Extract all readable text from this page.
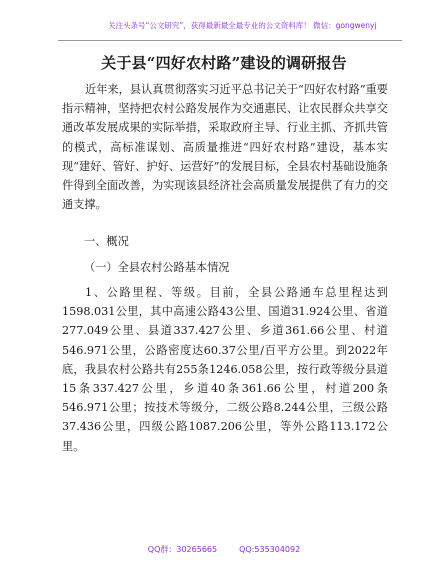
关注头条号“公文研究”，获得最新最全最专业的公文资料库！ 微信：gongwenyj
关于县“四好农村路”建设的调研报告

近年来，县认真贯彻落实习近平总书记关于“四好农村路”重要指示精神，坚持把农村公路发展作为交通惠民、让农民群众共享交通改革发展成果的实际举措，采取政府主导、行业主抓、齐抓共管的模式，高标准谋划、高质量推进“四好农村路”建设，基本实现“建好、管好、护好、运营好”的发展目标，全县农村基础设施条件得到全面改善，为实现该县经济社会高质量发展提供了有力的交通支撑。

一、概况

（一）全县农村公路基本情况

1、公路里程、等级。目前，全县公路通车总里程达到1598.031公里，其中高速公路43公里、国道31.924公里、省道277.049公里、县道337.427公里、乡道361.66公里、村道546.971公里，公路密度达60.37公里/百平方公里。到2022年底，我县农村公路共有255条1246.058公里，按行政等级分县道15条337.427公里，乡道40条361.66公里，村道200条546.971公里；按技术等级分，二级公路8.244公里，三级公路37.436公里，四级公路1087.206公里，等外公路113.172公里。

QQ群：30265665	QQ:535304092
